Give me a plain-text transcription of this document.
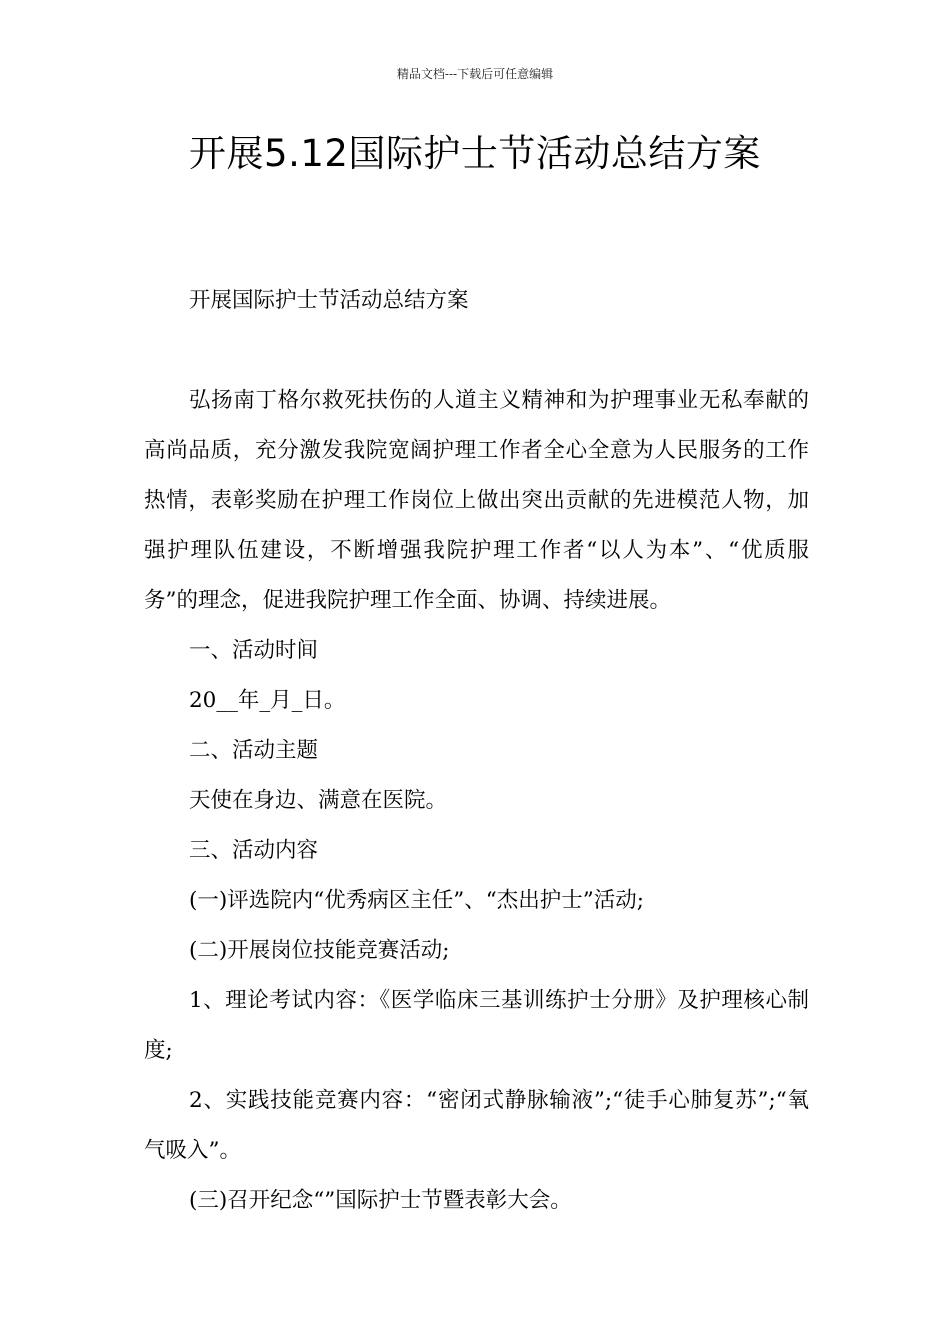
精品文档---下载后可任意编辑
开展5.12国际护士节活动总结方案

开展国际护士节活动总结方案

弘扬南丁格尔救死扶伤的人道主义精神和为护理事业无私奉献的高尚品质，充分激发我院宽阔护理工作者全心全意为人民服务的工作热情，表彰奖励在护理工作岗位上做出突出贡献的先进模范人物，加强护理队伍建设，不断增强我院护理工作者“以人为本”、“优质服务”的理念，促进我院护理工作全面、协调、持续进展。

一、活动时间

20__年_月_日。

二、活动主题

天使在身边、满意在医院。

三、活动内容

(一)评选院内“优秀病区主任”、“杰出护士”活动;

(二)开展岗位技能竞赛活动;

1、理论考试内容：《医学临床三基训练护士分册》及护理核心制度;

2、实践技能竞赛内容：“密闭式静脉输液”;“徒手心肺复苏”;“氧气吸入”。

(三)召开纪念“”国际护士节暨表彰大会。
